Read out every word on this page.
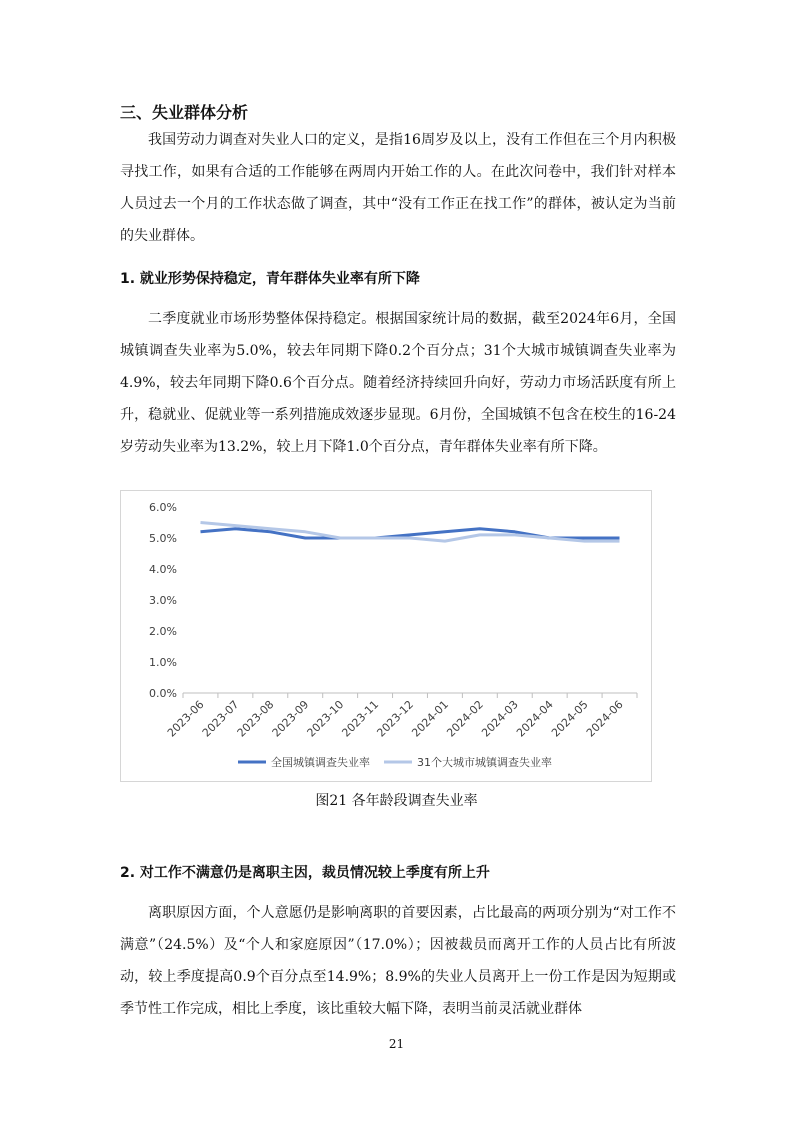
三、失业群体分析

我国劳动力调查对失业人口的定义，是指16周岁及以上，没有工作但在三个月内积极寻找工作，如果有合适的工作能够在两周内开始工作的人。在此次问卷中，我们针对样本人员过去一个月的工作状态做了调查，其中“没有工作正在找工作”的群体，被认定为当前的失业群体。

1. 就业形势保持稳定，青年群体失业率有所下降

二季度就业市场形势整体保持稳定。根据国家统计局的数据，截至2024年6月，全国城镇调查失业率为5.0%，较去年同期下降0.2个百分点；31个大城市城镇调查失业率为4.9%，较去年同期下降0.6个百分点。随着经济持续回升向好，劳动力市场活跃度有所上升，稳就业、促就业等一系列措施成效逐步显现。6月份，全国城镇不包含在校生的16-24岁劳动失业率为13.2%，较上月下降1.0个百分点，青年群体失业率有所下降。

0.0%
1.0%
2.0%
3.0%
4.0%
5.0%
6.0%
2023-06
2023-07
2023-08
2023-09
2023-10
2023-11
2023-12
2024-01
2024-02
2024-03
2024-04
2024-05
2024-06
全国城镇调查失业率	31个大城市城镇调查失业率
图21 各年龄段调查失业率
2. 对工作不满意仍是离职主因，裁员情况较上季度有所上升

离职原因方面，个人意愿仍是影响离职的首要因素，占比最高的两项分别为“对工作不满意”（24.5%）及“个人和家庭原因”（17.0%）；因被裁员而离开工作的人员占比有所波动，较上季度提高0.9个百分点至14.9%；8.9%的失业人员离开上一份工作是因为短期或季节性工作完成，相比上季度，该比重较大幅下降，表明当前灵活就业群体

21
